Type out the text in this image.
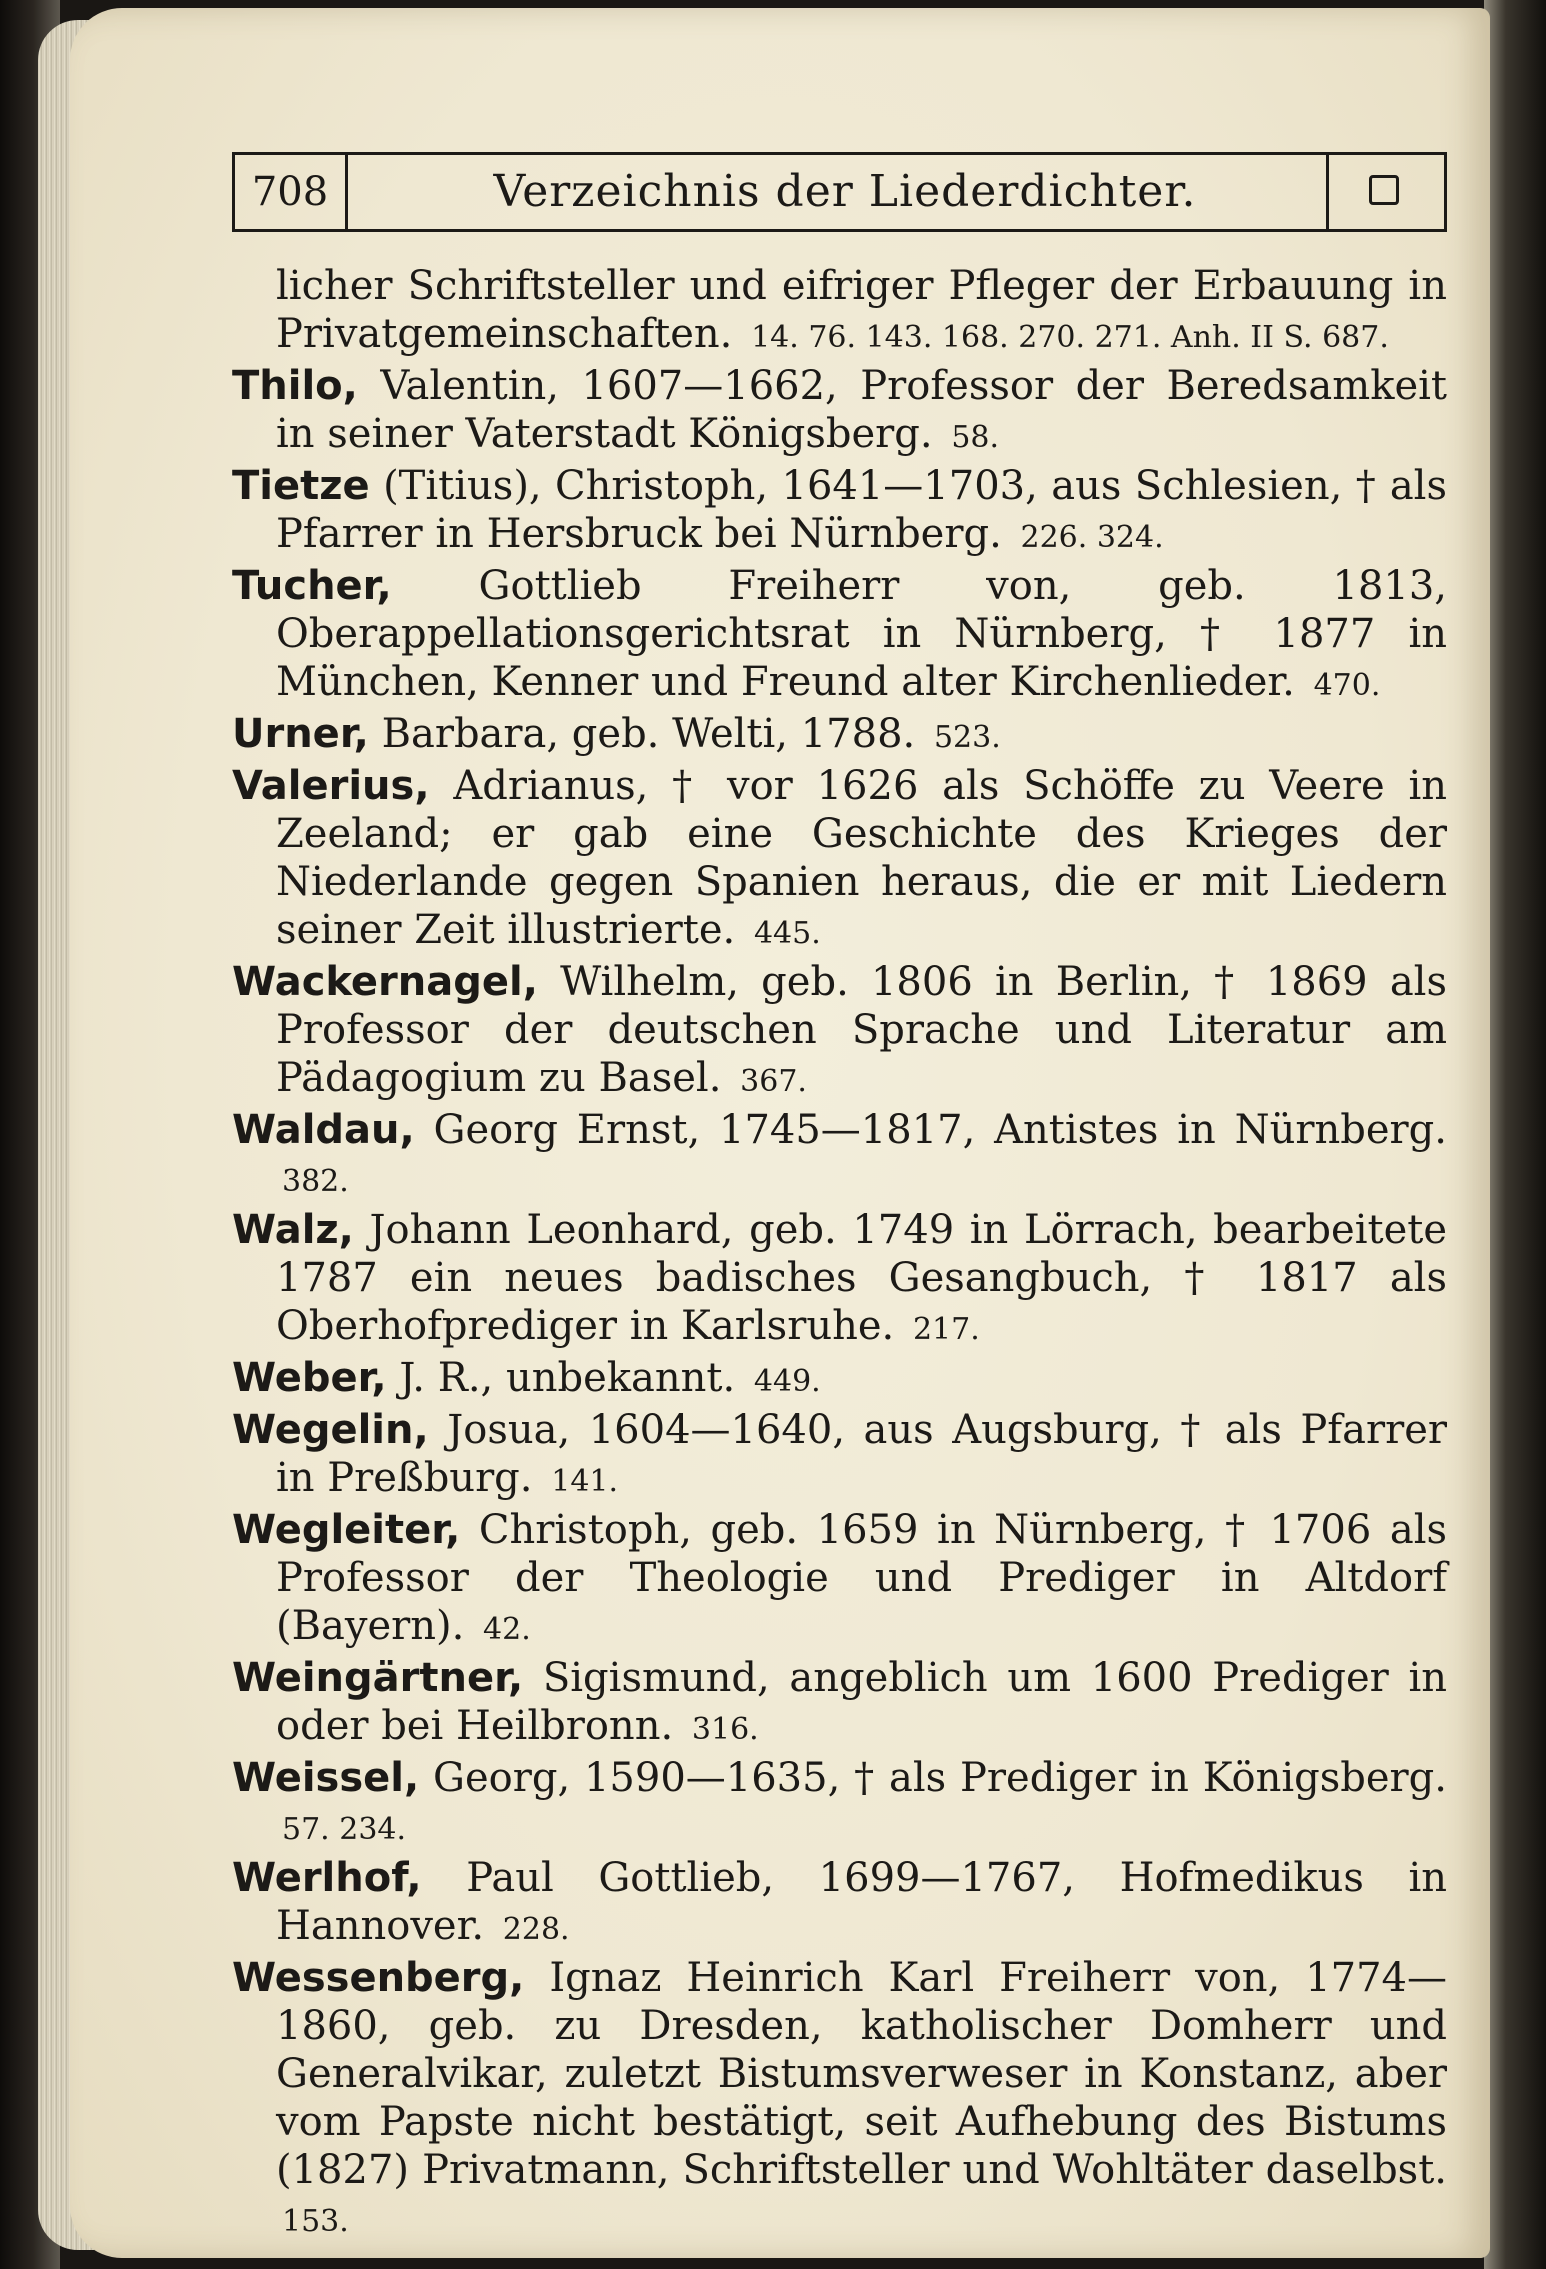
708	Verzeichnis der Liederdichter.

licher Schriftsteller und eifriger Pfleger der Erbauung in Privatgemeinschaften. 14. 76. 143. 168. 270. 271. Anh. II S. 687.

Thilo, Valentin, 1607—1662, Professor der Beredsamkeit in seiner Vaterstadt Königsberg. 58.

Tietze (Titius), Christoph, 1641—1703, aus Schlesien, † als Pfarrer in Hersbruck bei Nürnberg. 226. 324.

Tucher, Gottlieb Freiherr von, geb. 1813, Oberappellationsgerichtsrat in Nürnberg, † 1877 in München, Kenner und Freund alter Kirchenlieder. 470.

Urner, Barbara, geb. Welti, 1788. 523.

Valerius, Adrianus, † vor 1626 als Schöffe zu Veere in Zeeland; er gab eine Geschichte des Krieges der Niederlande gegen Spanien heraus, die er mit Liedern seiner Zeit illustrierte. 445.

Wackernagel, Wilhelm, geb. 1806 in Berlin, † 1869 als Professor der deutschen Sprache und Literatur am Pädagogium zu Basel. 367.

Waldau, Georg Ernst, 1745—1817, Antistes in Nürnberg. 382.

Walz, Johann Leonhard, geb. 1749 in Lörrach, bearbeitete 1787 ein neues badisches Gesangbuch, † 1817 als Oberhofprediger in Karlsruhe. 217.

Weber, J. R., unbekannt. 449.

Wegelin, Josua, 1604—1640, aus Augsburg, † als Pfarrer in Preßburg. 141.

Wegleiter, Christoph, geb. 1659 in Nürnberg, † 1706 als Professor der Theologie und Prediger in Altdorf (Bayern). 42.

Weingärtner, Sigismund, angeblich um 1600 Prediger in oder bei Heilbronn. 316.

Weissel, Georg, 1590—1635, † als Prediger in Königsberg. 57. 234.

Werlhof, Paul Gottlieb, 1699—1767, Hofmedikus in Hannover. 228.

Wessenberg, Ignaz Heinrich Karl Freiherr von, 1774—1860, geb. zu Dresden, katholischer Domherr und Generalvikar, zuletzt Bistumsverweser in Konstanz, aber vom Papste nicht bestätigt, seit Aufhebung des Bistums (1827) Privatmann, Schriftsteller und Wohltäter daselbst. 153.
